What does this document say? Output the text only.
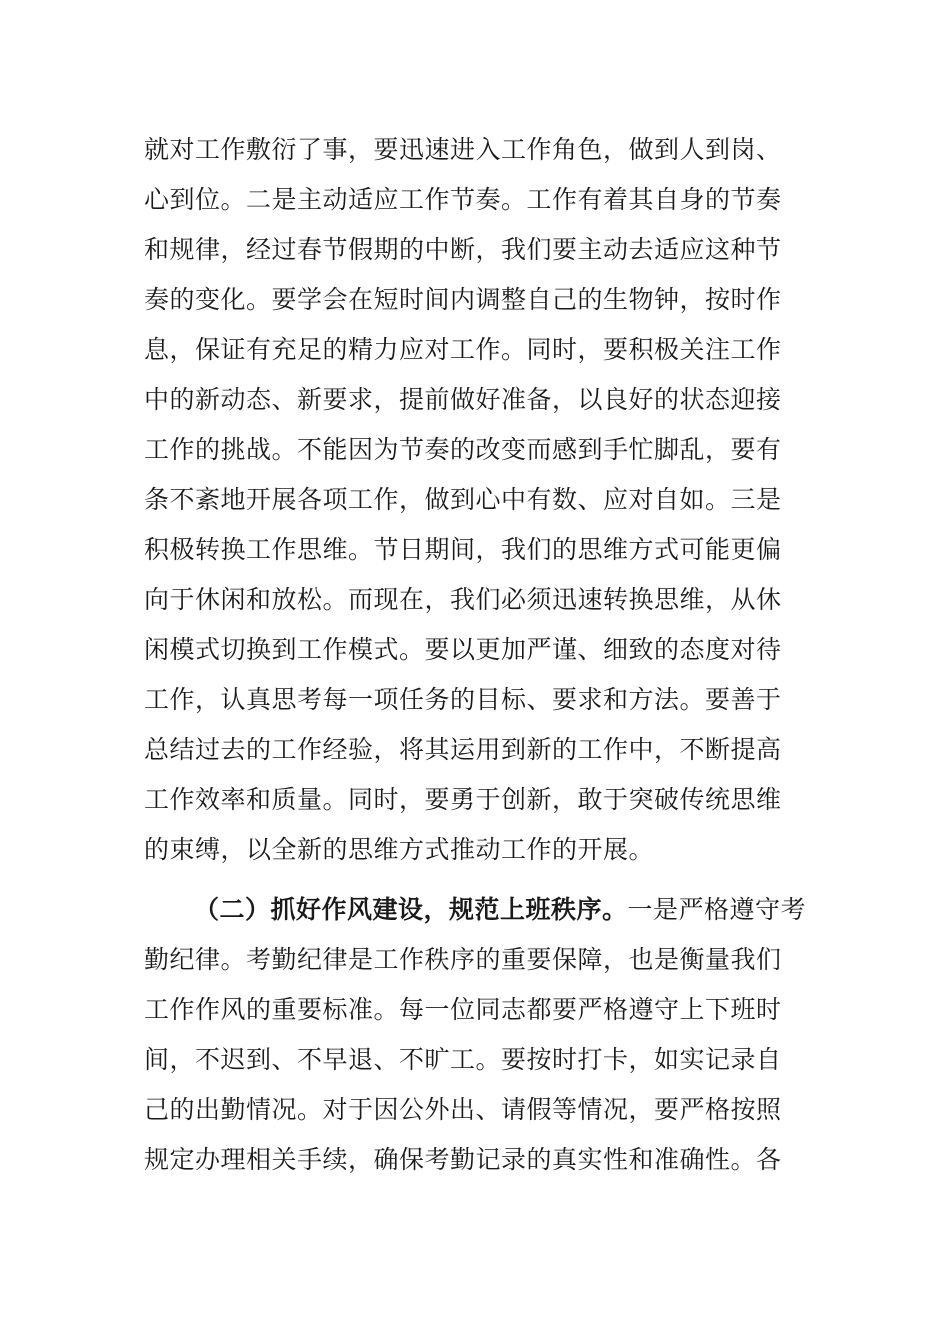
就对工作敷衍了事，要迅速进入工作角色，做到人到岗、
心到位。二是主动适应工作节奏。工作有着其自身的节奏
和规律，经过春节假期的中断，我们要主动去适应这种节
奏的变化。要学会在短时间内调整自己的生物钟，按时作
息，保证有充足的精力应对工作。同时，要积极关注工作
中的新动态、新要求，提前做好准备，以良好的状态迎接
工作的挑战。不能因为节奏的改变而感到手忙脚乱，要有
条不紊地开展各项工作，做到心中有数、应对自如。三是
积极转换工作思维。节日期间，我们的思维方式可能更偏
向于休闲和放松。而现在，我们必须迅速转换思维，从休
闲模式切换到工作模式。要以更加严谨、细致的态度对待
工作，认真思考每一项任务的目标、要求和方法。要善于
总结过去的工作经验，将其运用到新的工作中，不断提高
工作效率和质量。同时，要勇于创新，敢于突破传统思维
的束缚，以全新的思维方式推动工作的开展。
（二）抓好作风建设，规范上班秩序。一是严格遵守考
勤纪律。考勤纪律是工作秩序的重要保障，也是衡量我们
工作作风的重要标准。每一位同志都要严格遵守上下班时
间，不迟到、不早退、不旷工。要按时打卡，如实记录自
己的出勤情况。对于因公外出、请假等情况，要严格按照
规定办理相关手续，确保考勤记录的真实性和准确性。各
